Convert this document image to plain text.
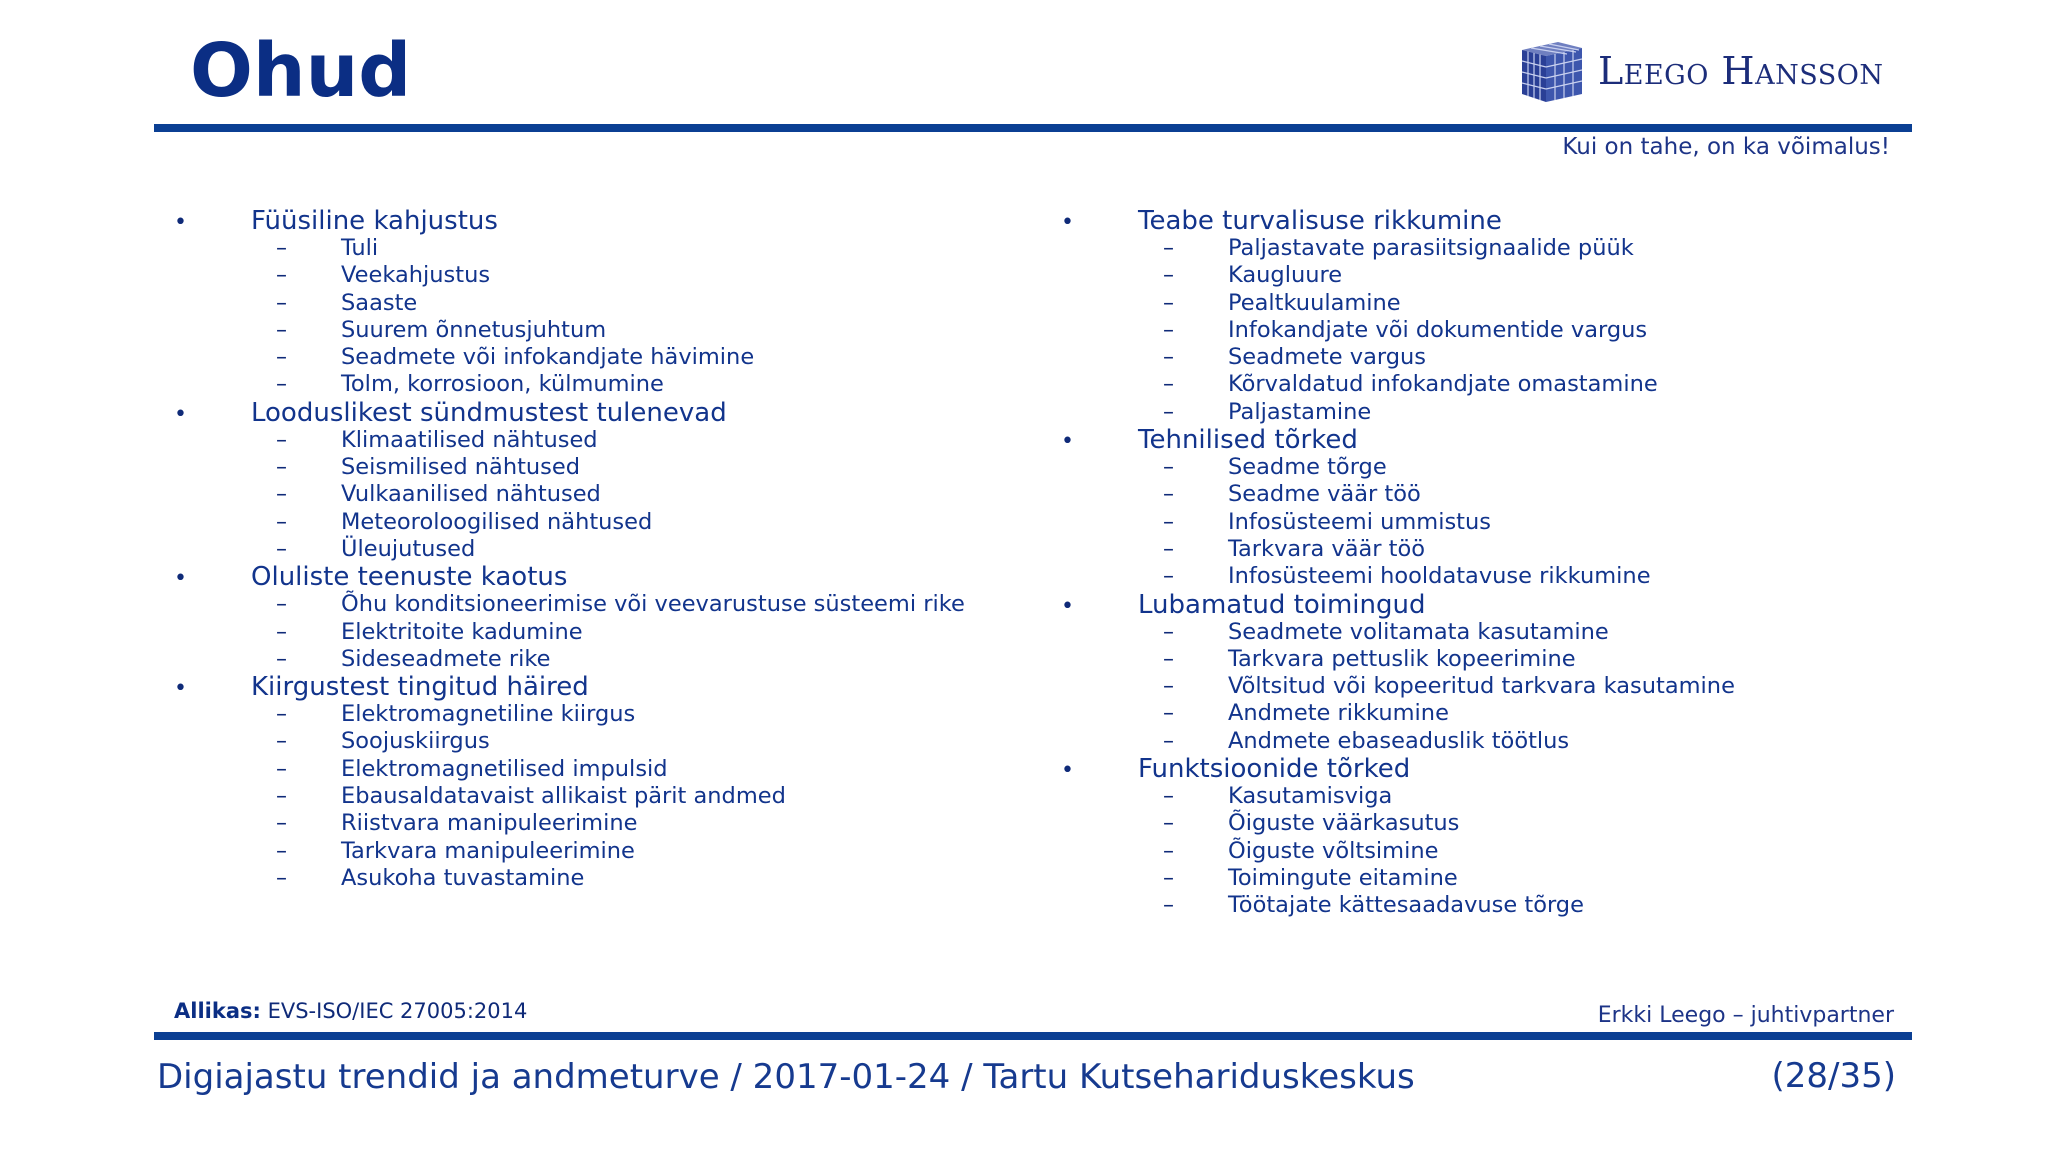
Ohud	Leego Hansson
Kui on tahe, on ka võimalus!
•	Füüsiline kahjustus
–	Tuli
–	Veekahjustus
–	Saaste
–	Suurem õnnetusjuhtum
–	Seadmete või infokandjate hävimine
–	Tolm, korrosioon, külmumine
•	Looduslikest sündmustest tulenevad
–	Klimaatilised nähtused
–	Seismilised nähtused
–	Vulkaanilised nähtused
–	Meteoroloogilised nähtused
–	Üleujutused
•	Oluliste teenuste kaotus
–	Õhu konditsioneerimise või veevarustuse süsteemi rike
–	Elektritoite kadumine
–	Sideseadmete rike
•	Kiirgustest tingitud häired
–	Elektromagnetiline kiirgus
–	Soojuskiirgus
–	Elektromagnetilised impulsid
–	Ebausaldatavaist allikaist pärit andmed
–	Riistvara manipuleerimine
–	Tarkvara manipuleerimine
–	Asukoha tuvastamine
•	Teabe turvalisuse rikkumine
–	Paljastavate parasiitsignaalide püük
–	Kaugluure
–	Pealtkuulamine
–	Infokandjate või dokumentide vargus
–	Seadmete vargus
–	Kõrvaldatud infokandjate omastamine
–	Paljastamine
•	Tehnilised tõrked
–	Seadme tõrge
–	Seadme väär töö
–	Infosüsteemi ummistus
–	Tarkvara väär töö
–	Infosüsteemi hooldatavuse rikkumine
•	Lubamatud toimingud
–	Seadmete volitamata kasutamine
–	Tarkvara pettuslik kopeerimine
–	Võltsitud või kopeeritud tarkvara kasutamine
–	Andmete rikkumine
–	Andmete ebaseaduslik töötlus
•	Funktsioonide tõrked
–	Kasutamisviga
–	Õiguste väärkasutus
–	Õiguste võltsimine
–	Toimingute eitamine
–	Töötajate kättesaadavuse tõrge
Allikas: EVS-ISO/IEC 27005:2014	Erkki Leego – juhtivpartner
Digiajastu trendid ja andmeturve / 2017-01-24 / Tartu Kutsehariduskeskus	(28/35)
